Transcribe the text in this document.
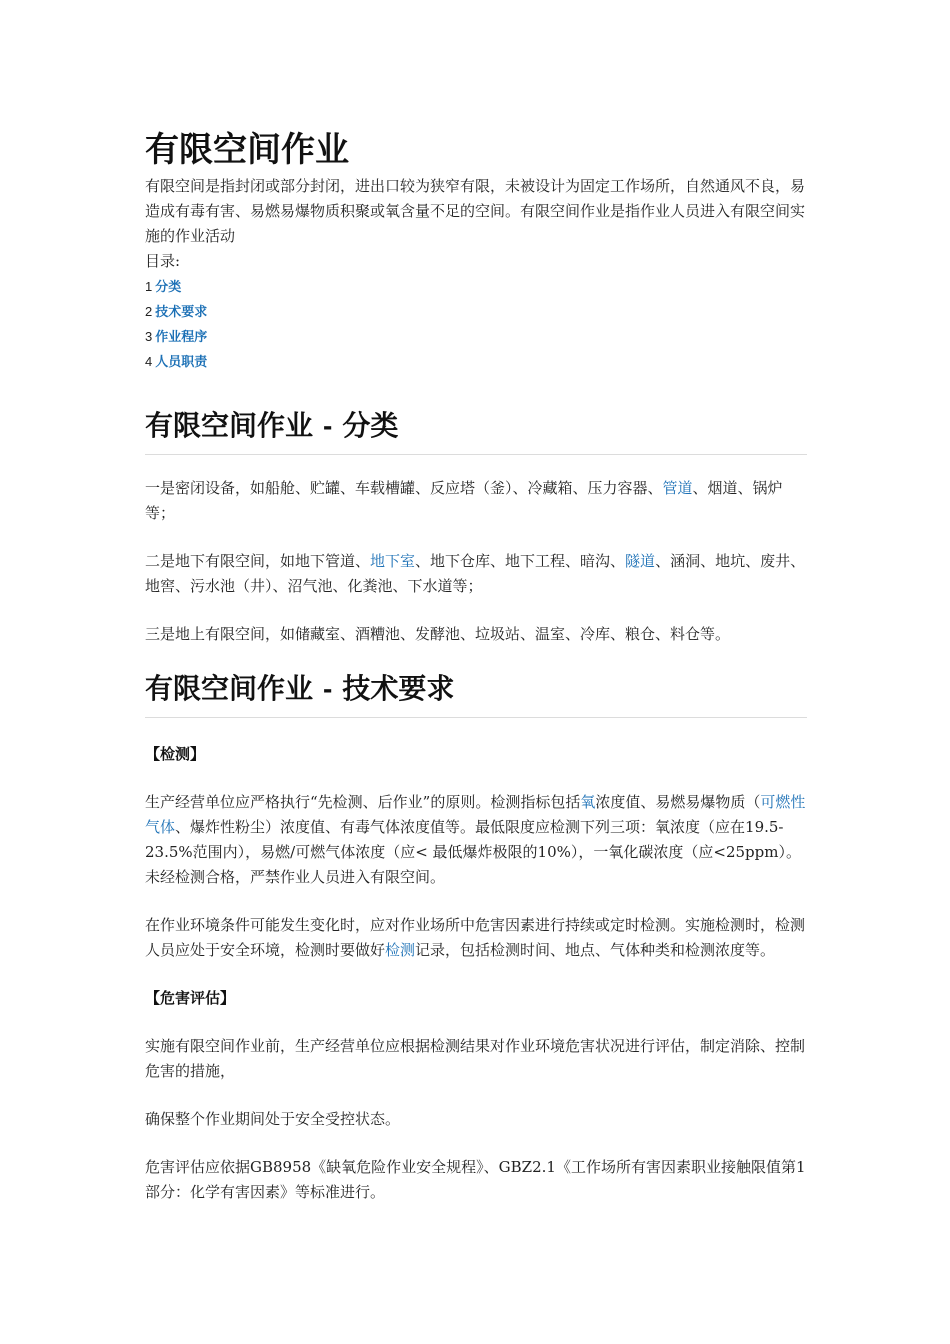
有限空间作业

有限空间是指封闭或部分封闭，进出口较为狭窄有限，未被设计为固定工作场所，自然通风不良，易造成有毒有害、易燃易爆物质积聚或氧含量不足的空间。有限空间作业是指作业人员进入有限空间实施的作业活动

目录:

1 分类
2 技术要求
3 作业程序
4 人员职责
有限空间作业 - 分类

一是密闭设备，如船舱、贮罐、车载槽罐、反应塔（釜）、冷藏箱、压力容器、管道、烟道、锅炉等；

二是地下有限空间，如地下管道、地下室、地下仓库、地下工程、暗沟、隧道、涵洞、地坑、废井、地窖、污水池（井）、沼气池、化粪池、下水道等；

三是地上有限空间，如储藏室、酒糟池、发酵池、垃圾站、温室、冷库、粮仓、料仓等。

有限空间作业 - 技术要求

【检测】

生产经营单位应严格执行“先检测、后作业”的原则。检测指标包括氧浓度值、易燃易爆物质（可燃性气体、爆炸性粉尘）浓度值、有毒气体浓度值等。最低限度应检测下列三项：氧浓度（应在19.5-23.5%范围内），易燃/可燃气体浓度（应< 最低爆炸极限的10%），一氧化碳浓度（应<25ppm）。未经检测合格，严禁作业人员进入有限空间。

在作业环境条件可能发生变化时，应对作业场所中危害因素进行持续或定时检测。实施检测时，检测人员应处于安全环境，检测时要做好检测记录，包括检测时间、地点、气体种类和检测浓度等。

【危害评估】

实施有限空间作业前，生产经营单位应根据检测结果对作业环境危害状况进行评估，制定消除、控制危害的措施，

确保整个作业期间处于安全受控状态。

危害评估应依据GB8958《缺氧危险作业安全规程》、GBZ2.1《工作场所有害因素职业接触限值第1部分：化学有害因素》等标准进行。
